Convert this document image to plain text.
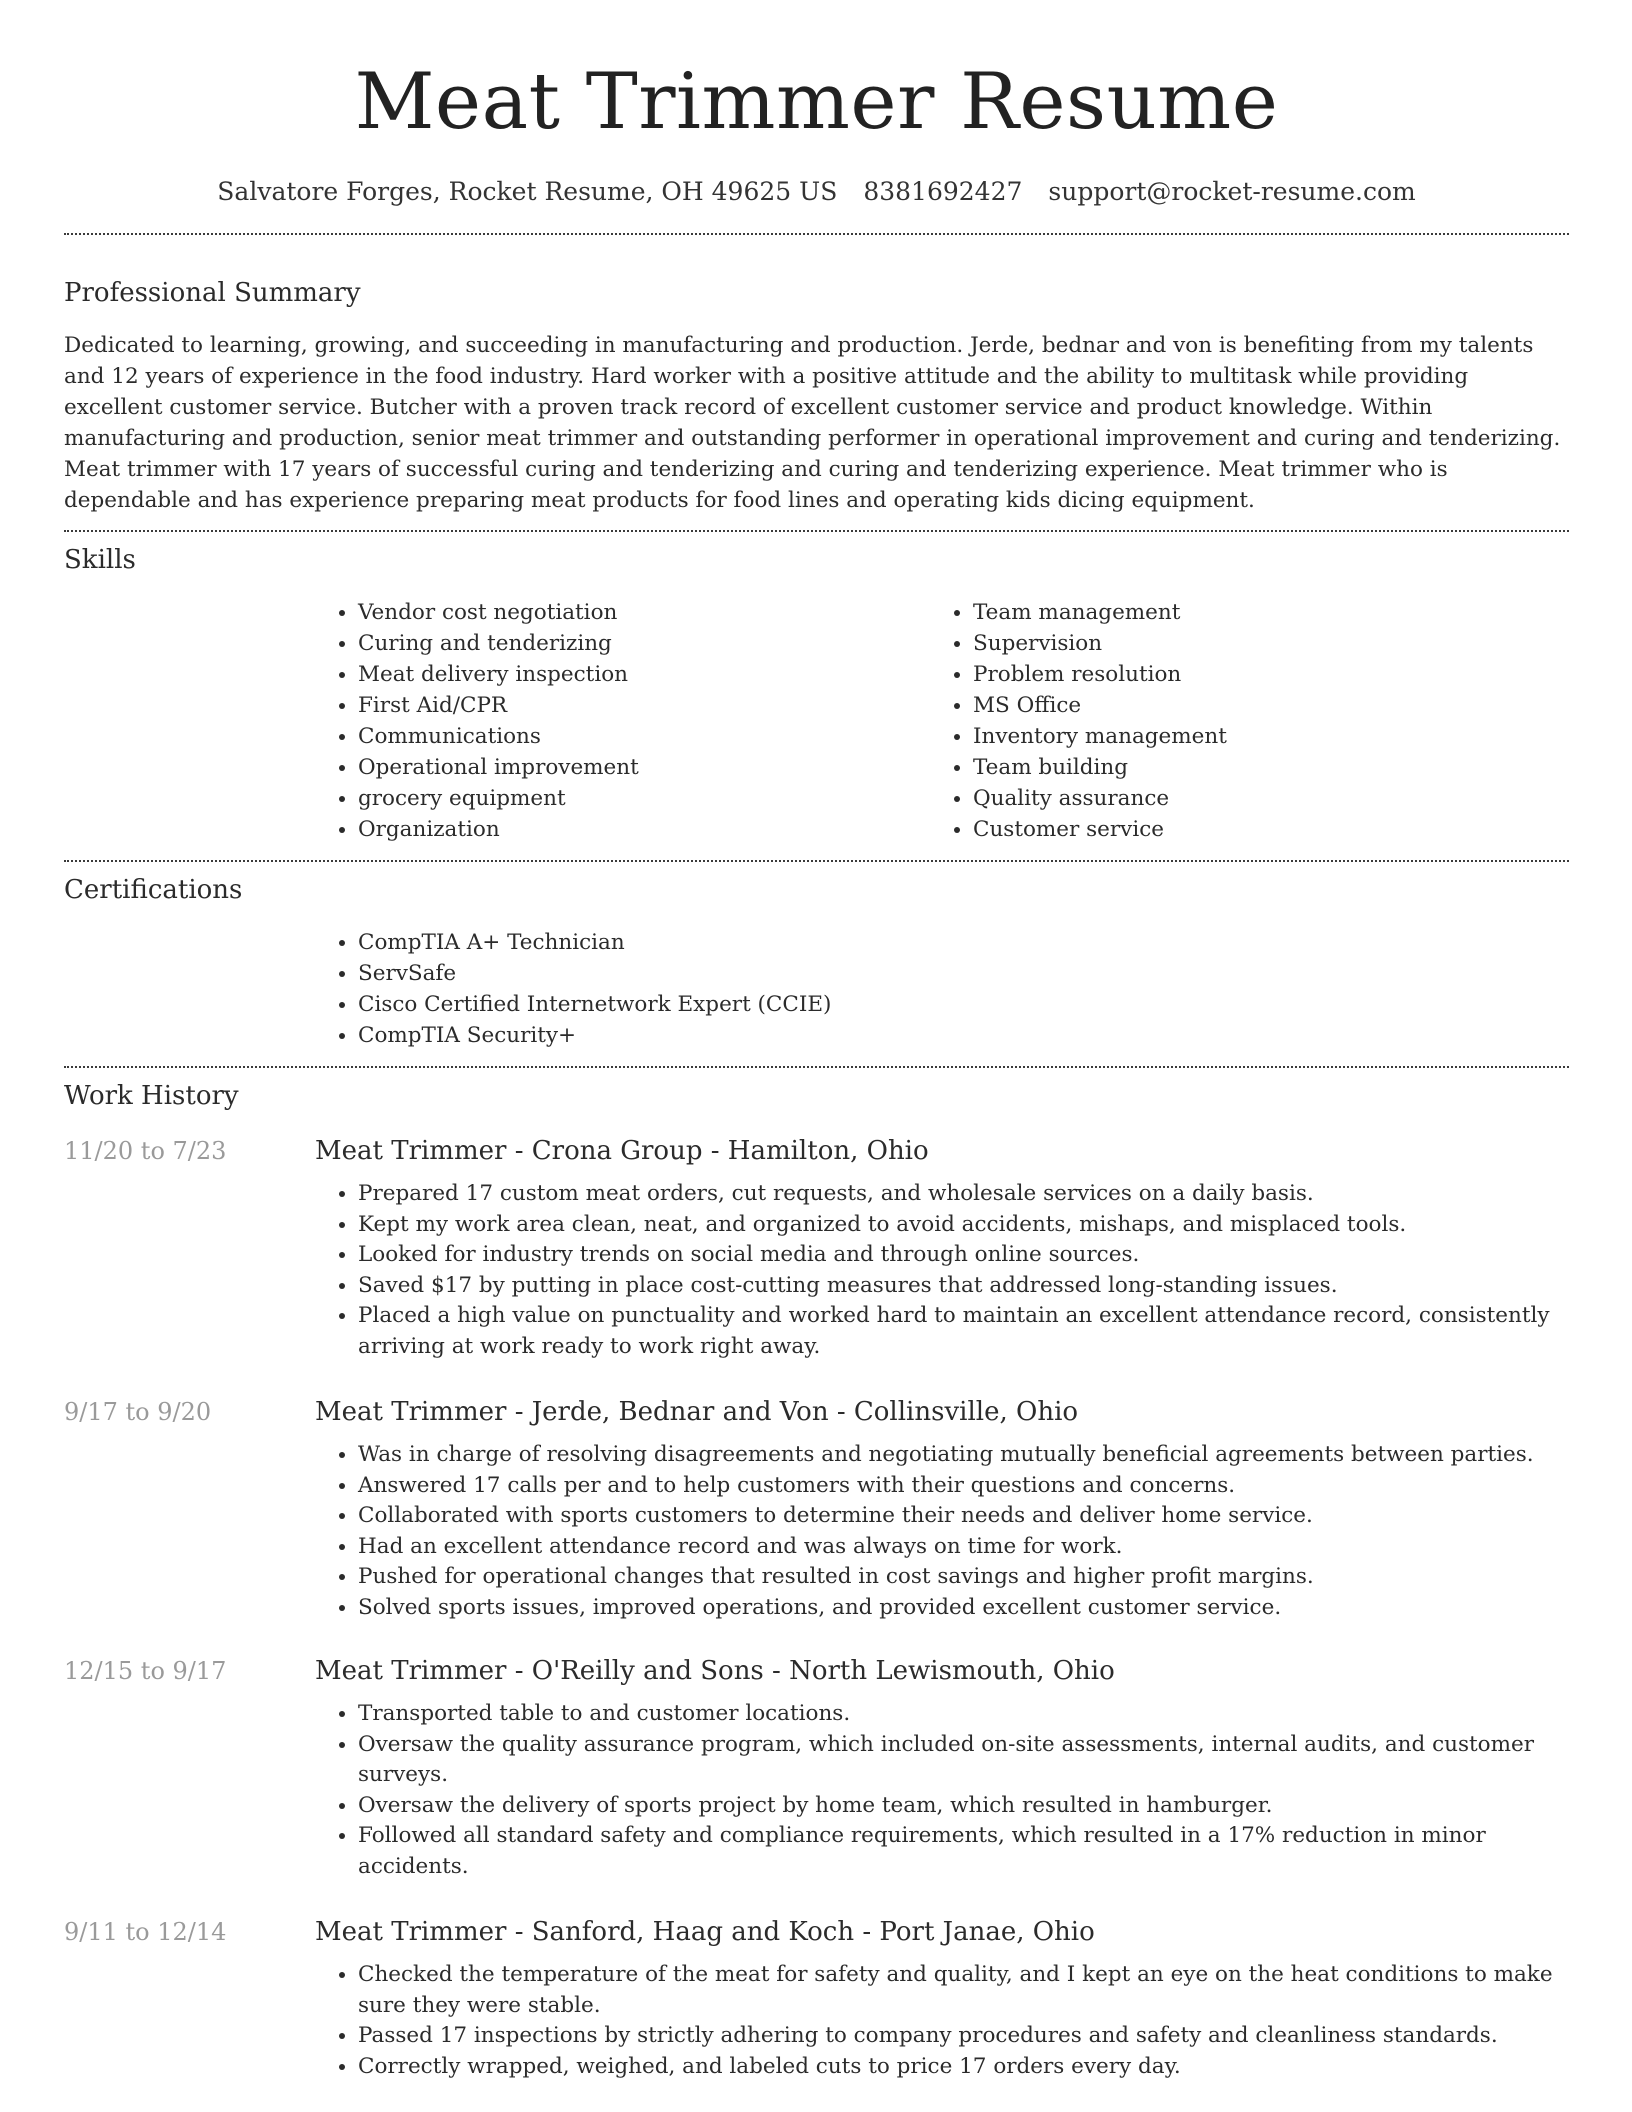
Meat Trimmer Resume
Salvatore Forges, Rocket Resume, OH 49625 US 8381692427 support@rocket-resume.com
Professional Summary

Dedicated to learning, growing, and succeeding in manufacturing and production. Jerde, bednar and von is benefiting from my talents and 12 years of experience in the food industry. Hard worker with a positive attitude and the ability to multitask while providing excellent customer service. Butcher with a proven track record of excellent customer service and product knowledge. Within manufacturing and production, senior meat trimmer and outstanding performer in operational improvement and curing and tenderizing. Meat trimmer with 17 years of successful curing and tenderizing and curing and tenderizing experience. Meat trimmer who is dependable and has experience preparing meat products for food lines and operating kids dicing equipment.

Skills
• Vendor cost negotiation
• Curing and tenderizing
• Meat delivery inspection
• First Aid/CPR
• Communications
• Operational improvement
• grocery equipment
• Organization
• Team management
• Supervision
• Problem resolution
• MS Office
• Inventory management
• Team building
• Quality assurance
• Customer service
Certifications
• CompTIA A+ Technician
• ServSafe
• Cisco Certified Internetwork Expert (CCIE)
• CompTIA Security+
Work History
11/20 to 7/23	Meat Trimmer - Crona Group - Hamilton, Ohio
• Prepared 17 custom meat orders, cut requests, and wholesale services on a daily basis.
• Kept my work area clean, neat, and organized to avoid accidents, mishaps, and misplaced tools.
• Looked for industry trends on social media and through online sources.
• Saved $17 by putting in place cost-cutting measures that addressed long-standing issues.
• Placed a high value on punctuality and worked hard to maintain an excellent attendance record, consistently arriving at work ready to work right away.
9/17 to 9/20	Meat Trimmer - Jerde, Bednar and Von - Collinsville, Ohio
• Was in charge of resolving disagreements and negotiating mutually beneficial agreements between parties.
• Answered 17 calls per and to help customers with their questions and concerns.
• Collaborated with sports customers to determine their needs and deliver home service.
• Had an excellent attendance record and was always on time for work.
• Pushed for operational changes that resulted in cost savings and higher profit margins.
• Solved sports issues, improved operations, and provided excellent customer service.
12/15 to 9/17	Meat Trimmer - O'Reilly and Sons - North Lewismouth, Ohio
• Transported table to and customer locations.
• Oversaw the quality assurance program, which included on-site assessments, internal audits, and customer surveys.
• Oversaw the delivery of sports project by home team, which resulted in hamburger.
• Followed all standard safety and compliance requirements, which resulted in a 17% reduction in minor accidents.
9/11 to 12/14	Meat Trimmer - Sanford, Haag and Koch - Port Janae, Ohio
• Checked the temperature of the meat for safety and quality, and I kept an eye on the heat conditions to make sure they were stable.
• Passed 17 inspections by strictly adhering to company procedures and safety and cleanliness standards.
• Correctly wrapped, weighed, and labeled cuts to price 17 orders every day.
